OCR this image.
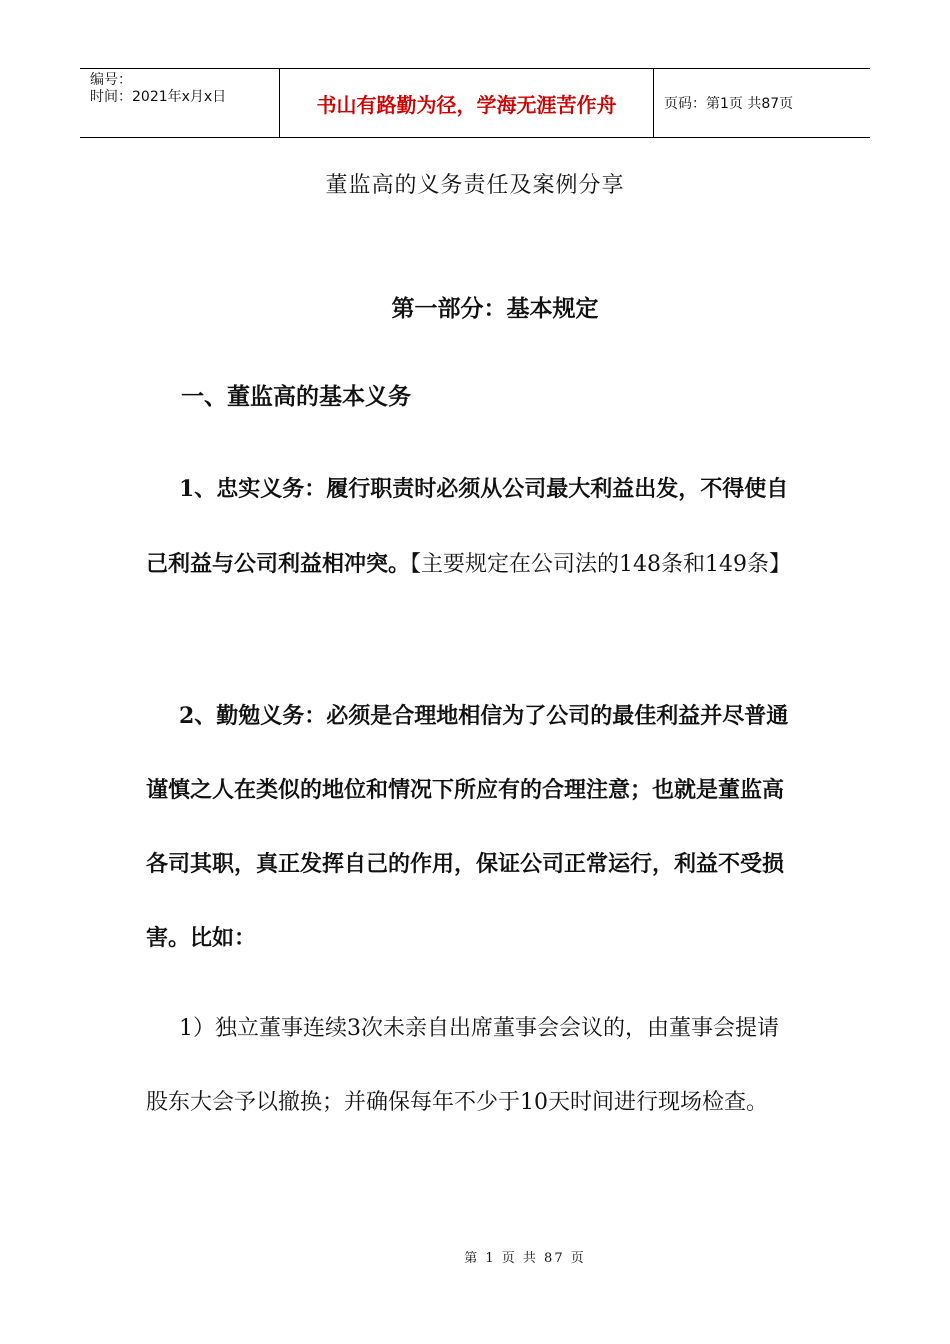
编号：
时间：2021年x月x日	书山有路勤为径，学海无涯苦作舟	页码：第1页 共87页
董监高的义务责任及案例分享
第一部分：基本规定
一、董监高的基本义务

1、忠实义务：履行职责时必须从公司最大利益出发，不得使自己利益与公司利益相冲突。【主要规定在公司法的148条和149条】

2、勤勉义务：必须是合理地相信为了公司的最佳利益并尽普通谨慎之人在类似的地位和情况下所应有的合理注意；也就是董监高各司其职，真正发挥自己的作用，保证公司正常运行，利益不受损害。比如：

1）独立董事连续3次未亲自出席董事会会议的，由董事会提请股东大会予以撤换；并确保每年不少于10天时间进行现场检查。

第 1 页 共 87 页
